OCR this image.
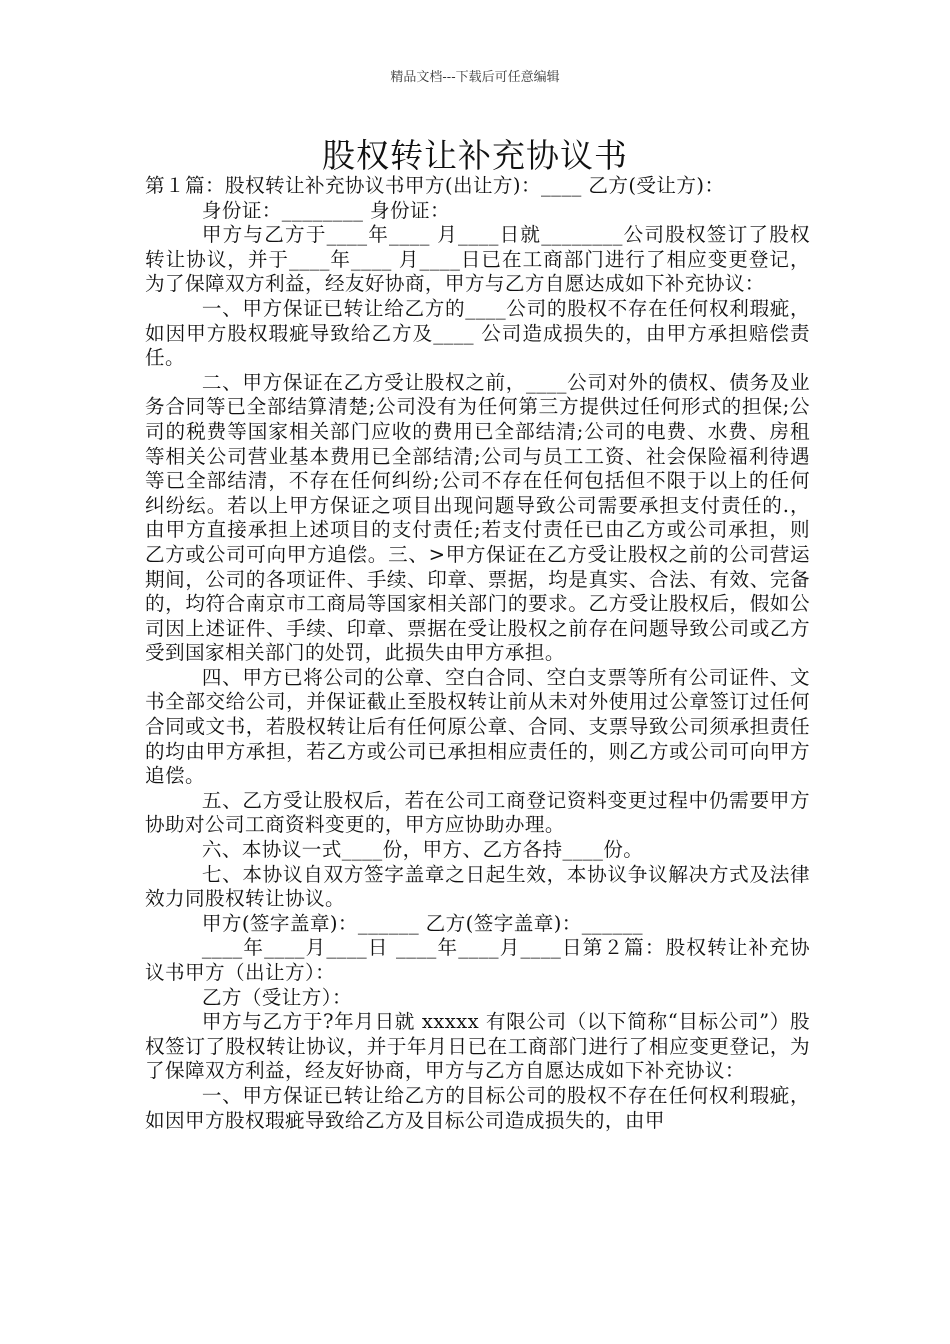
精品文档---下载后可任意编辑
股权转让补充协议书

第１篇：股权转让补充协议书甲方(出让方)：____ 乙方(受让方)：

身份证：________ 身份证：

甲方与乙方于____年____ 月____日就________公司股权签订了股权转让协议，并于____年____ 月____日已在工商部门进行了相应变更登记，为了保障双方利益，经友好协商，甲方与乙方自愿达成如下补充协议：

一、甲方保证已转让给乙方的____公司的股权不存在任何权利瑕疵，如因甲方股权瑕疵导致给乙方及____ 公司造成损失的，由甲方承担赔偿责任。

二、甲方保证在乙方受让股权之前，____公司对外的债权、债务及业务合同等已全部结算清楚;公司没有为任何第三方提供过任何形式的担保;公司的税费等国家相关部门应收的费用已全部结清;公司的电费、水费、房租等相关公司营业基本费用已全部结清;公司与员工工资、社会保险福利待遇等已全部结清，不存在任何纠纷;公司不存在任何包括但不限于以上的任何纠纷纭。若以上甲方保证之项目出现问题导致公司需要承担支付责任的.，由甲方直接承担上述项目的支付责任;若支付责任已由乙方或公司承担，则乙方或公司可向甲方追偿。三、>甲方保证在乙方受让股权之前的公司营运期间，公司的各项证件、手续、印章、票据，均是真实、合法、有效、完备的，均符合南京市工商局等国家相关部门的要求。乙方受让股权后，假如公司因上述证件、手续、印章、票据在受让股权之前存在问题导致公司或乙方受到国家相关部门的处罚，此损失由甲方承担。

四、甲方已将公司的公章、空白合同、空白支票等所有公司证件、文书全部交给公司，并保证截止至股权转让前从未对外使用过公章签订过任何合同或文书，若股权转让后有任何原公章、合同、支票导致公司须承担责任的均由甲方承担，若乙方或公司已承担相应责任的，则乙方或公司可向甲方追偿。

五、乙方受让股权后，若在公司工商登记资料变更过程中仍需要甲方协助对公司工商资料变更的，甲方应协助办理。

六、本协议一式____份，甲方、乙方各持____份。

七、本协议自双方签字盖章之日起生效，本协议争议解决方式及法律效力同股权转让协议。

甲方(签字盖章)：______ 乙方(签字盖章)：______

____年____月____日 ____年____月____日第２篇：股权转让补充协议书甲方（出让方）：

乙方（受让方）：

甲方与乙方于?年月日就 xxxxx 有限公司（以下简称“目标公司”）股权签订了股权转让协议，并于年月日已在工商部门进行了相应变更登记，为了保障双方利益，经友好协商，甲方与乙方自愿达成如下补充协议：

一、甲方保证已转让给乙方的目标公司的股权不存在任何权利瑕疵，如因甲方股权瑕疵导致给乙方及目标公司造成损失的，由甲
